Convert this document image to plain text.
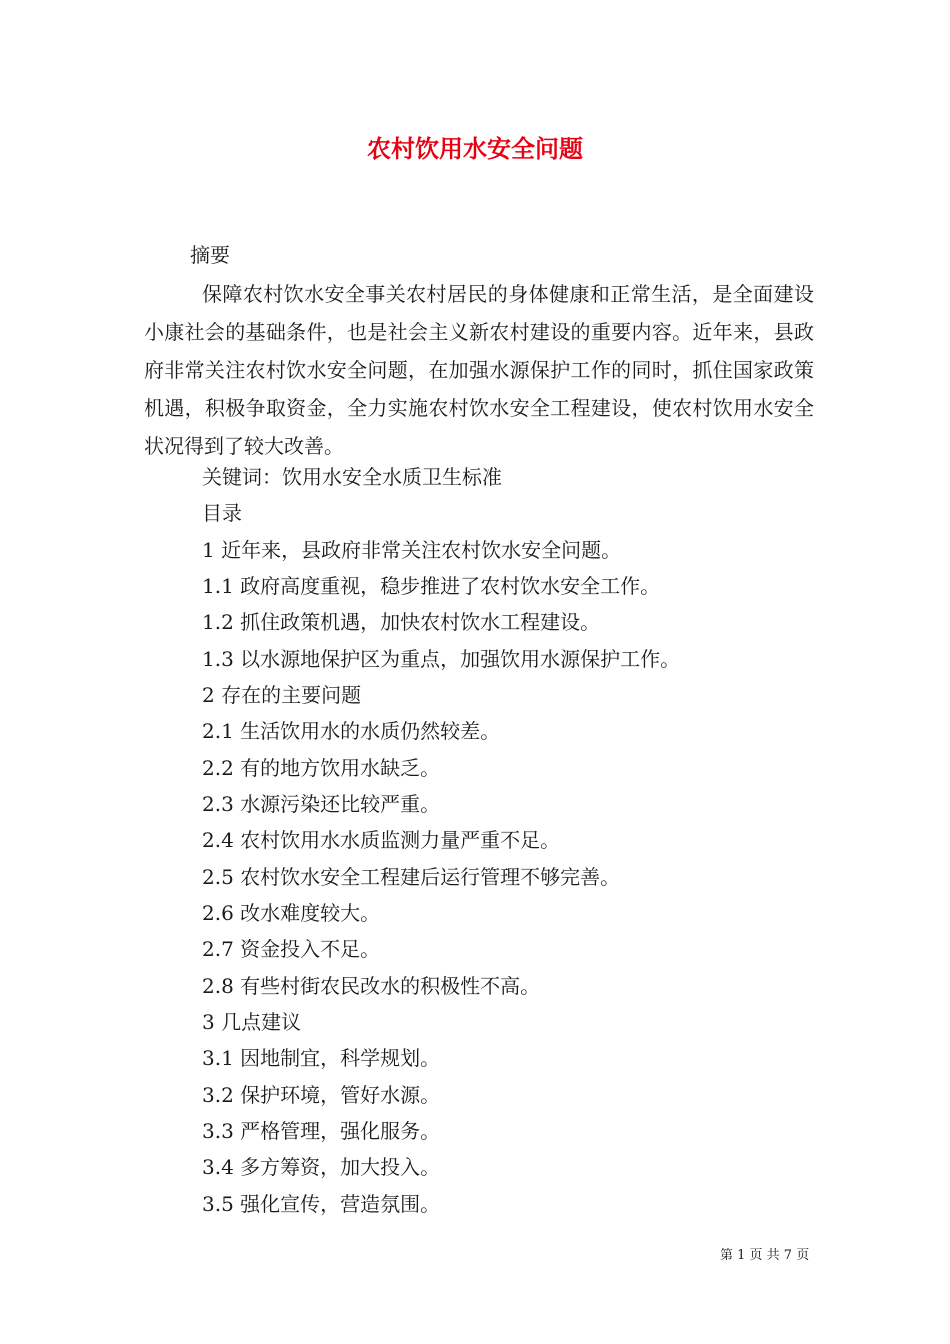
农村饮用水安全问题
摘要

保障农村饮水安全事关农村居民的身体健康和正常生活，是全面建设小康社会的基础条件，也是社会主义新农村建设的重要内容。近年来，县政府非常关注农村饮水安全问题，在加强水源保护工作的同时，抓住国家政策机遇，积极争取资金，全力实施农村饮水安全工程建设，使农村饮用水安全状况得到了较大改善。

关键词：饮用水安全水质卫生标准
目录
1 近年来，县政府非常关注农村饮水安全问题。
1.1 政府高度重视，稳步推进了农村饮水安全工作。
1.2 抓住政策机遇，加快农村饮水工程建设。
1.3 以水源地保护区为重点，加强饮用水源保护工作。
2 存在的主要问题
2.1 生活饮用水的水质仍然较差。
2.2 有的地方饮用水缺乏。
2.3 水源污染还比较严重。
2.4 农村饮用水水质监测力量严重不足。
2.5 农村饮水安全工程建后运行管理不够完善。
2.6 改水难度较大。
2.7 资金投入不足。
2.8 有些村街农民改水的积极性不高。
3 几点建议
3.1 因地制宜，科学规划。
3.2 保护环境，管好水源。
3.3 严格管理，强化服务。
3.4 多方筹资，加大投入。
3.5 强化宣传，营造氛围。
第 1 页 共 7 页
